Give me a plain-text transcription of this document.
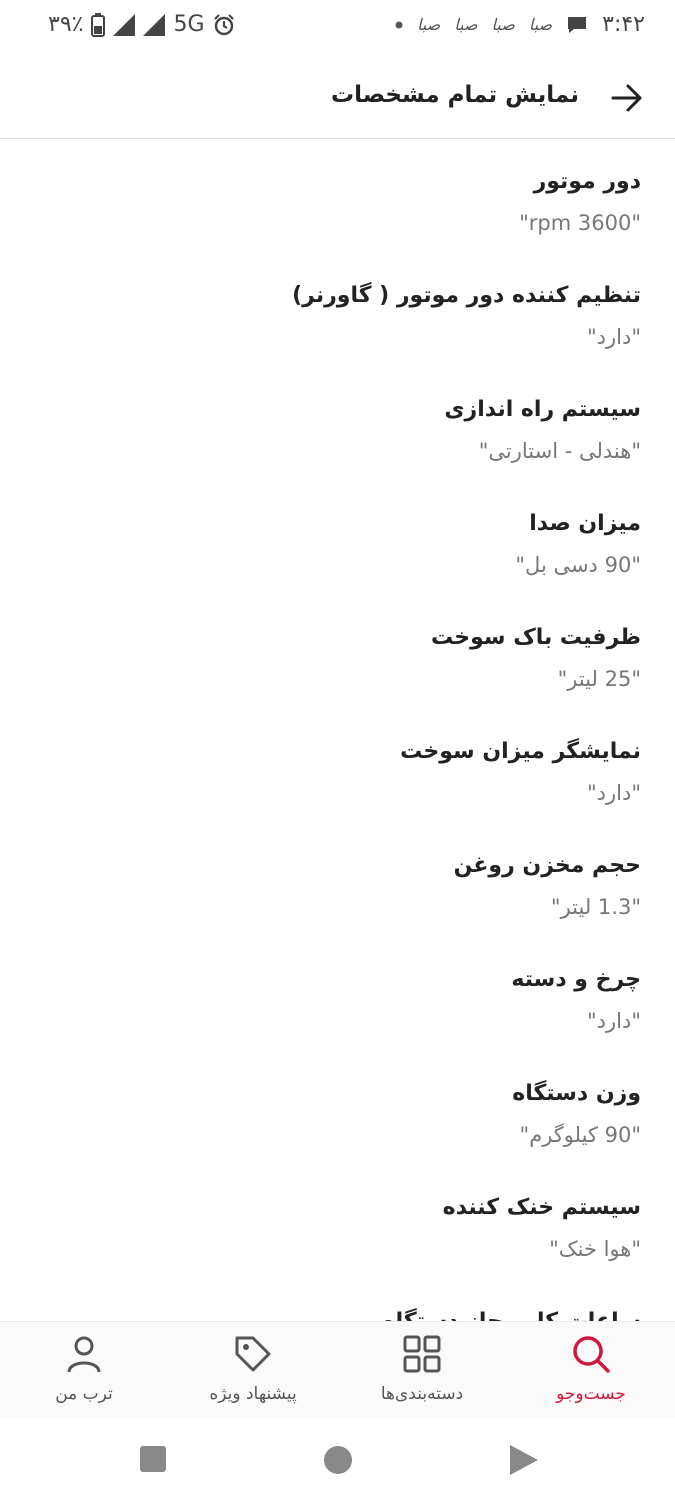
۳۹٪	5G	ﺻﺒﺎ ﺻﺒﺎ ﺻﺒﺎ ﺻﺒﺎ ۳:۴۲
نمایش تمام مشخصات
دور موتور
"rpm 3600"
تنظیم کننده دور موتور ( گاورنر)
"دارد"
سیستم راه اندازی
"هندلی - استارتی"
میزان صدا
"90 دسی بل"
ظرفیت باک سوخت
"25 لیتر"
نمایشگر میزان سوخت
"دارد"
حجم مخزن روغن
"1.3 لیتر"
چرخ و دسته
"دارد"
وزن دستگاه
"90 کیلوگرم"
سیستم خنک کننده
"هوا خنک"
جست‌وجو
دسته‌بندی‌ها
پیشنهاد ویژه
ترب من
